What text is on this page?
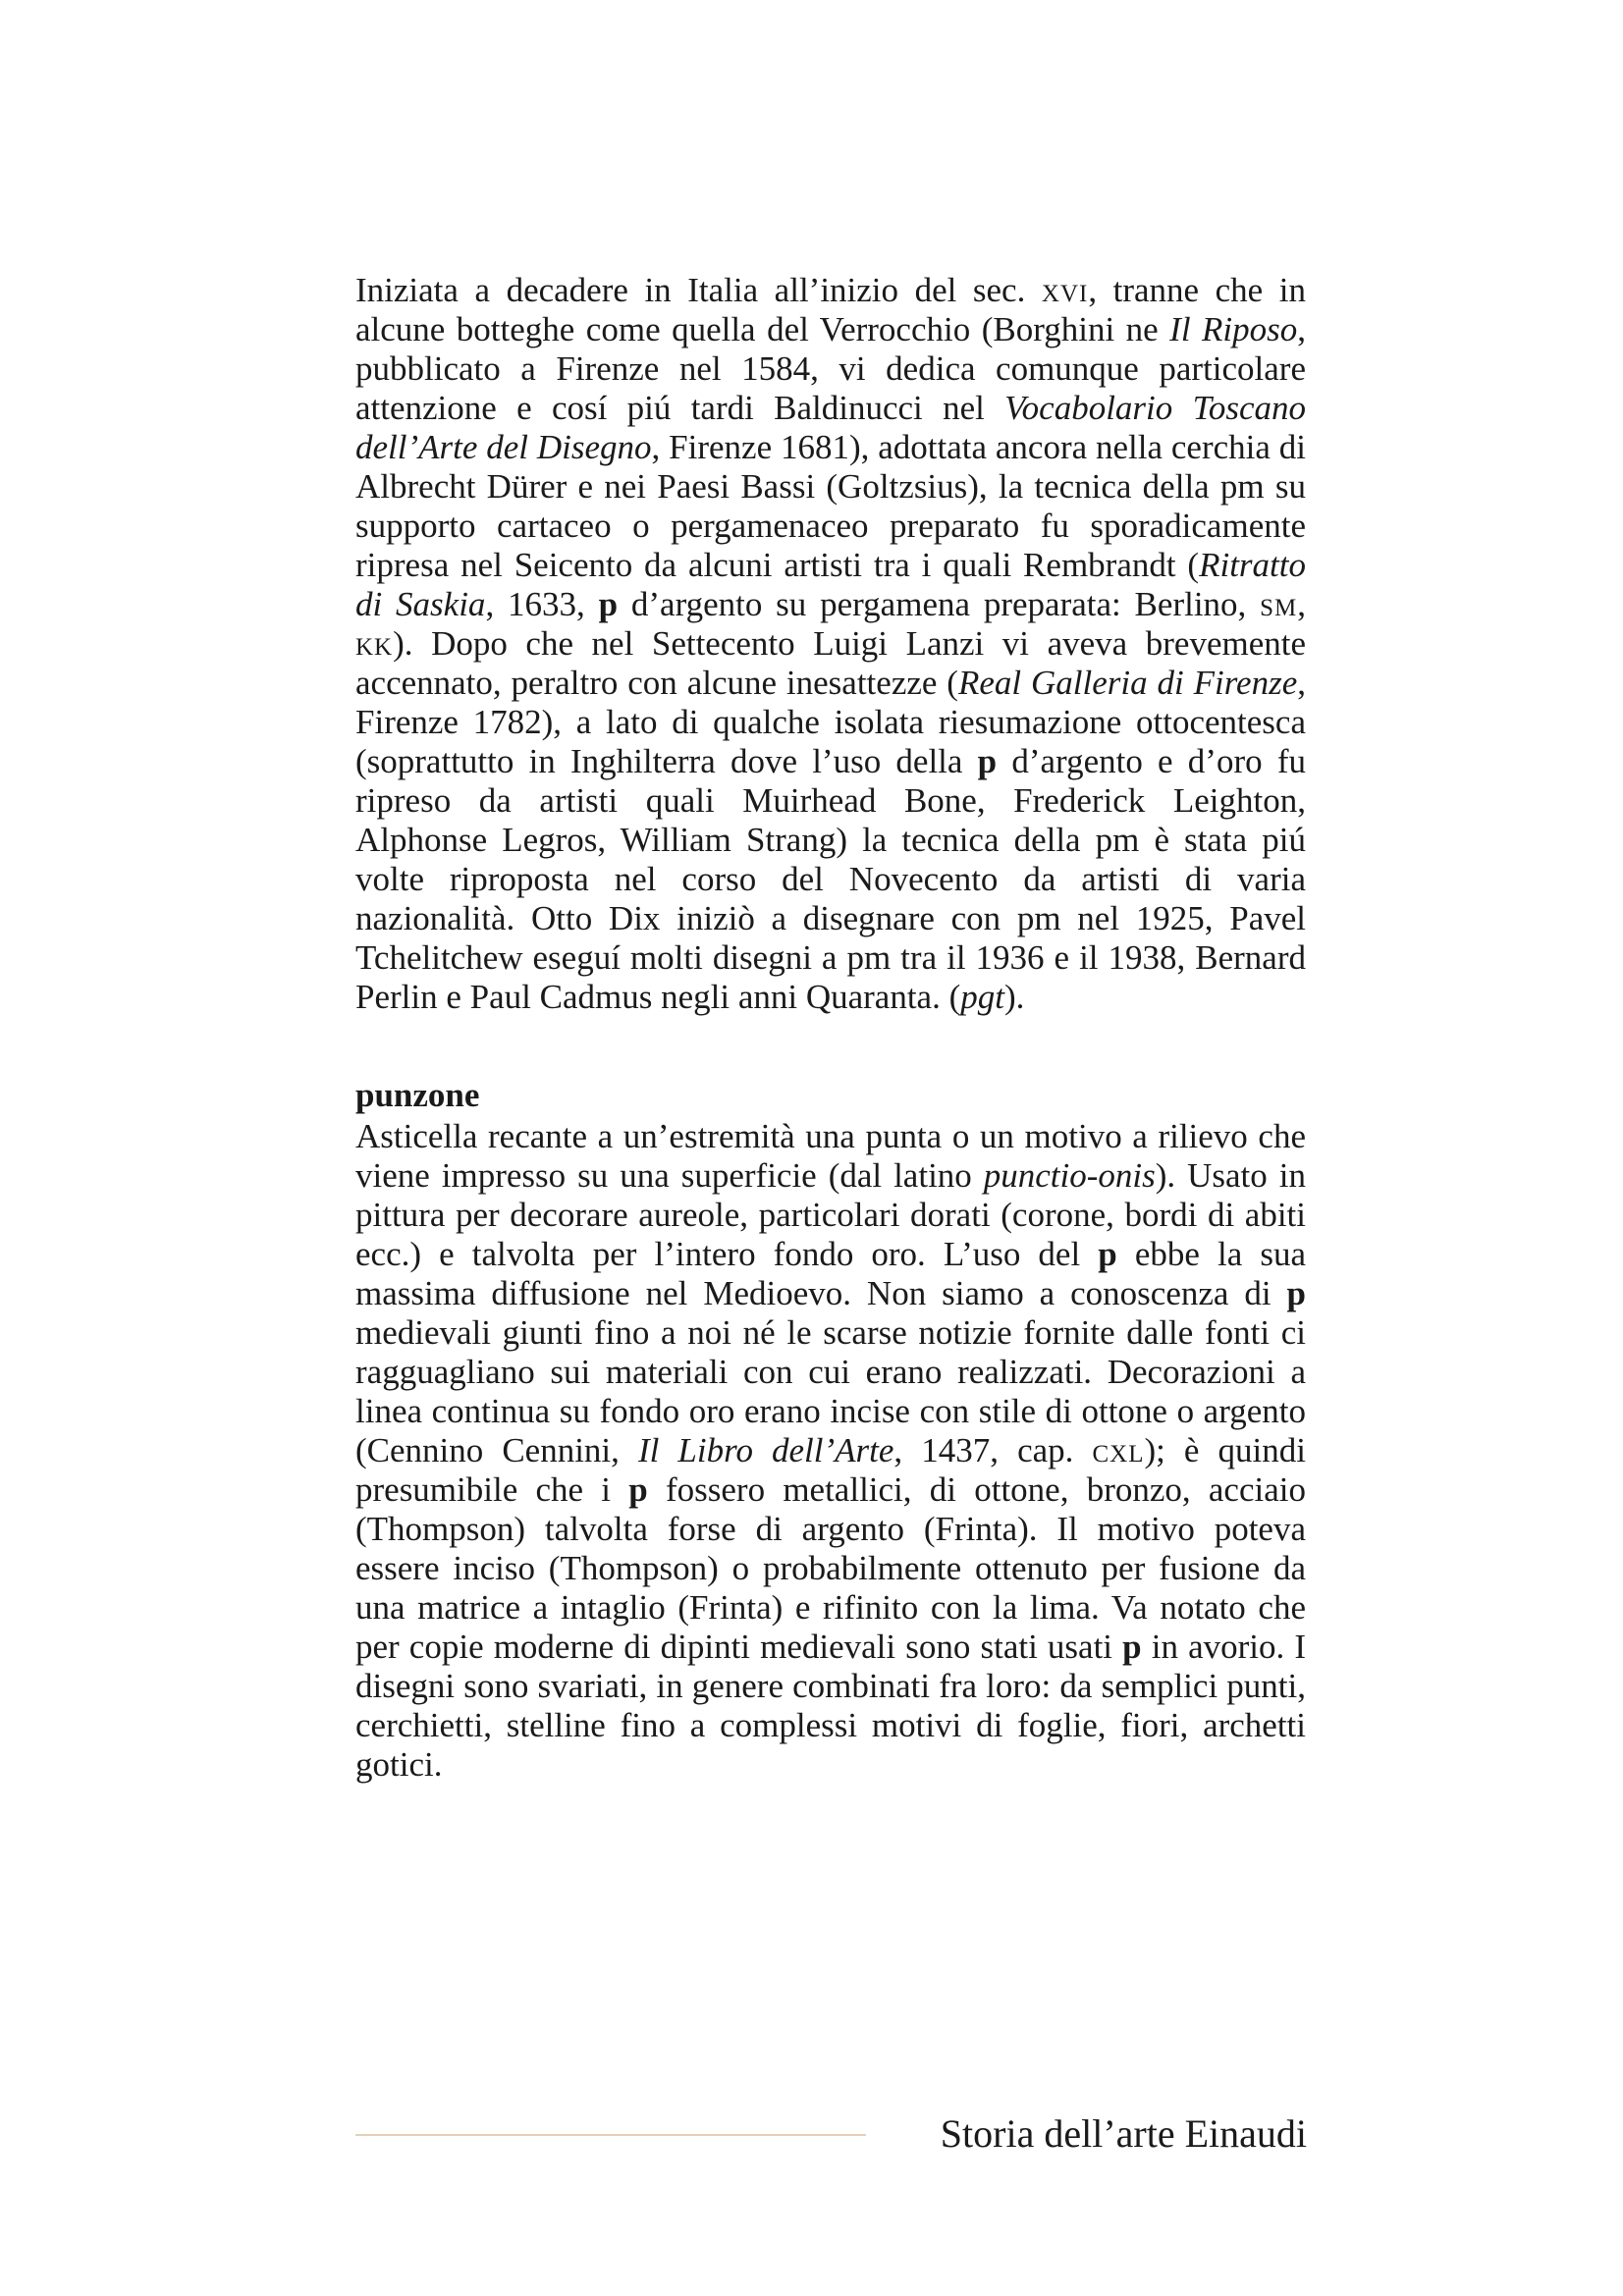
Iniziata a decadere in Italia all’inizio del sec. xvi, tranne che in alcune botteghe come quella del Verrocchio (Borghini ne Il Riposo, pubblicato a Firenze nel 1584, vi dedica comunque particolare attenzione e cosí piú tardi Baldinucci nel Vocabolario Toscano dell’Arte del Disegno, Firenze 1681), adottata ancora nella cerchia di Albrecht Dürer e nei Paesi Bassi (Goltzsius), la tecnica della pm su supporto cartaceo o pergamenaceo preparato fu sporadicamente ripresa nel Seicento da alcuni artisti tra i quali Rembrandt (Ritratto di Saskia, 1633, p d’argento su pergamena preparata: Berlino, sm, kk). Dopo che nel Settecento Luigi Lanzi vi aveva brevemente accennato, peraltro con alcune inesattezze (Real Galleria di Firenze, Firenze 1782), a lato di qualche isolata riesumazione ottocentesca (soprattutto in Inghilterra dove l’uso della p d’argento e d’oro fu ripreso da artisti quali Muirhead Bone, Frederick Leighton, Alphonse Legros, William Strang) la tecnica della pm è stata piú volte riproposta nel corso del Novecento da artisti di varia nazionalità. Otto Dix iniziò a disegnare con pm nel 1925, Pavel Tchelitchew eseguí molti disegni a pm tra il 1936 e il 1938, Bernard Perlin e Paul Cadmus negli anni Quaranta. (pgt).

punzone

Asticella recante a un’estremità una punta o un motivo a rilievo che viene impresso su una superficie (dal latino punctio-onis). Usato in pittura per decorare aureole, particolari dorati (corone, bordi di abiti ecc.) e talvolta per l’intero fondo oro. L’uso del p ebbe la sua massima diffusione nel Medioevo. Non siamo a conoscenza di p medievali giunti fino a noi né le scarse notizie fornite dalle fonti ci ragguagliano sui materiali con cui erano realizzati. Decorazioni a linea continua su fondo oro erano incise con stile di ottone o argento (Cennino Cennini, Il Libro dell’Arte, 1437, cap. cxl); è quindi presumibile che i p fossero metallici, di ottone, bronzo, acciaio (Thompson) talvolta forse di argento (Frinta). Il motivo poteva essere inciso (Thompson) o probabilmente ottenuto per fusione da una matrice a intaglio (Frinta) e rifinito con la lima. Va notato che per copie moderne di dipinti medievali sono stati usati p in avorio. I disegni sono svariati, in genere combinati fra loro: da semplici punti, cerchietti, stelline fino a complessi motivi di foglie, fiori, archetti gotici.

Storia dell’arte Einaudi
